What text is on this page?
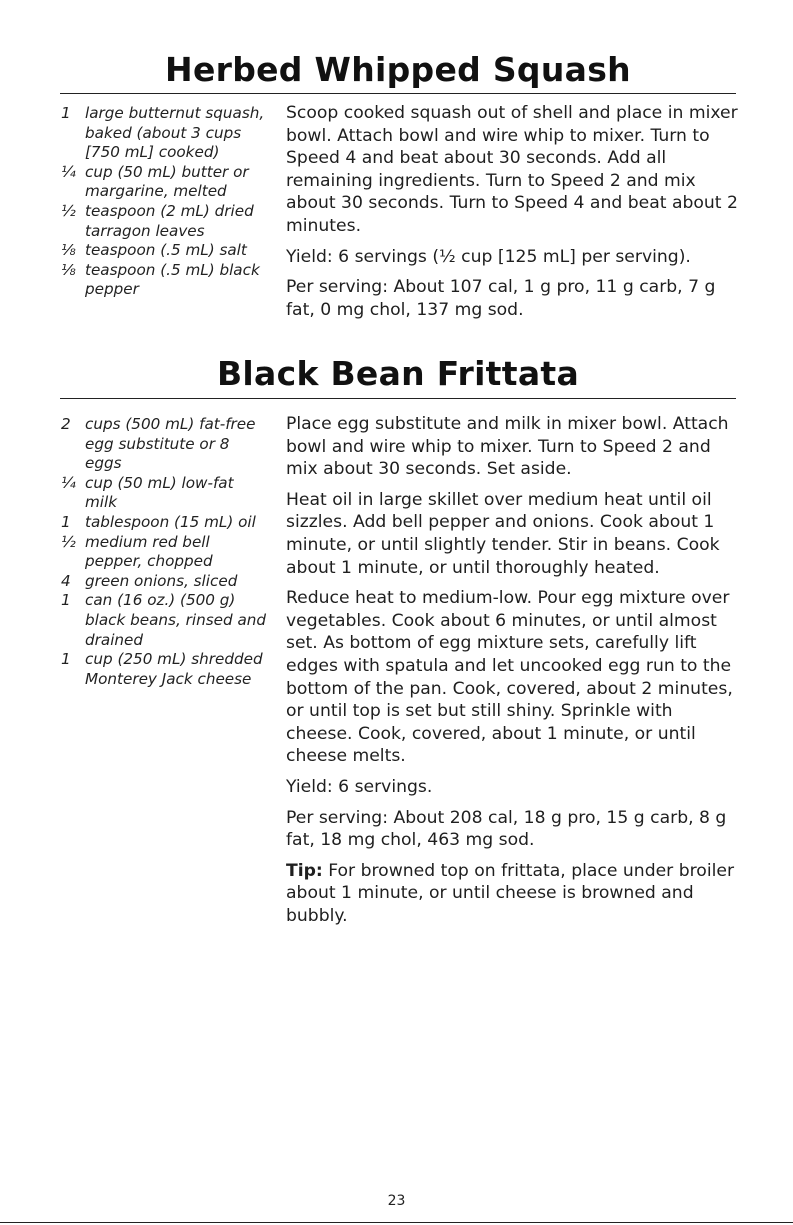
Herbed Whipped Squash
1 large butternut squash, baked (about 3 cups [750 mL] cooked)
¼ cup (50 mL) butter or margarine, melted
½ teaspoon (2 mL) dried tarragon leaves
⅛ teaspoon (.5 mL) salt
⅛ teaspoon (.5 mL) black pepper

Scoop cooked squash out of shell and place in mixer bowl. Attach bowl and wire whip to mixer. Turn to Speed 4 and beat about 30 seconds. Add all remaining ingredients. Turn to Speed 2 and mix about 30 seconds. Turn to Speed 4 and beat about 2 minutes.

Yield: 6 servings (½ cup [125 mL] per serving).

Per serving: About 107 cal, 1 g pro, 11 g carb, 7 g fat, 0 mg chol, 137 mg sod.

Black Bean Frittata
2 cups (500 mL) fat-free egg substitute or 8 eggs
¼ cup (50 mL) low-fat milk
1 tablespoon (15 mL) oil
½ medium red bell pepper, chopped
4 green onions, sliced
1 can (16 oz.) (500 g) black beans, rinsed and drained
1 cup (250 mL) shredded Monterey Jack cheese

Place egg substitute and milk in mixer bowl. Attach bowl and wire whip to mixer. Turn to Speed 2 and mix about 30 seconds. Set aside.

Heat oil in large skillet over medium heat until oil sizzles. Add bell pepper and onions. Cook about 1 minute, or until slightly tender. Stir in beans. Cook about 1 minute, or until thoroughly heated.

Reduce heat to medium-low. Pour egg mixture over vegetables. Cook about 6 minutes, or until almost set. As bottom of egg mixture sets, carefully lift edges with spatula and let uncooked egg run to the bottom of the pan. Cook, covered, about 2 minutes, or until top is set but still shiny. Sprinkle with cheese. Cook, covered, about 1 minute, or until cheese melts.

Yield: 6 servings.

Per serving: About 208 cal, 18 g pro, 15 g carb, 8 g fat, 18 mg chol, 463 mg sod.

Tip: For browned top on frittata, place under broiler about 1 minute, or until cheese is browned and bubbly.

23
